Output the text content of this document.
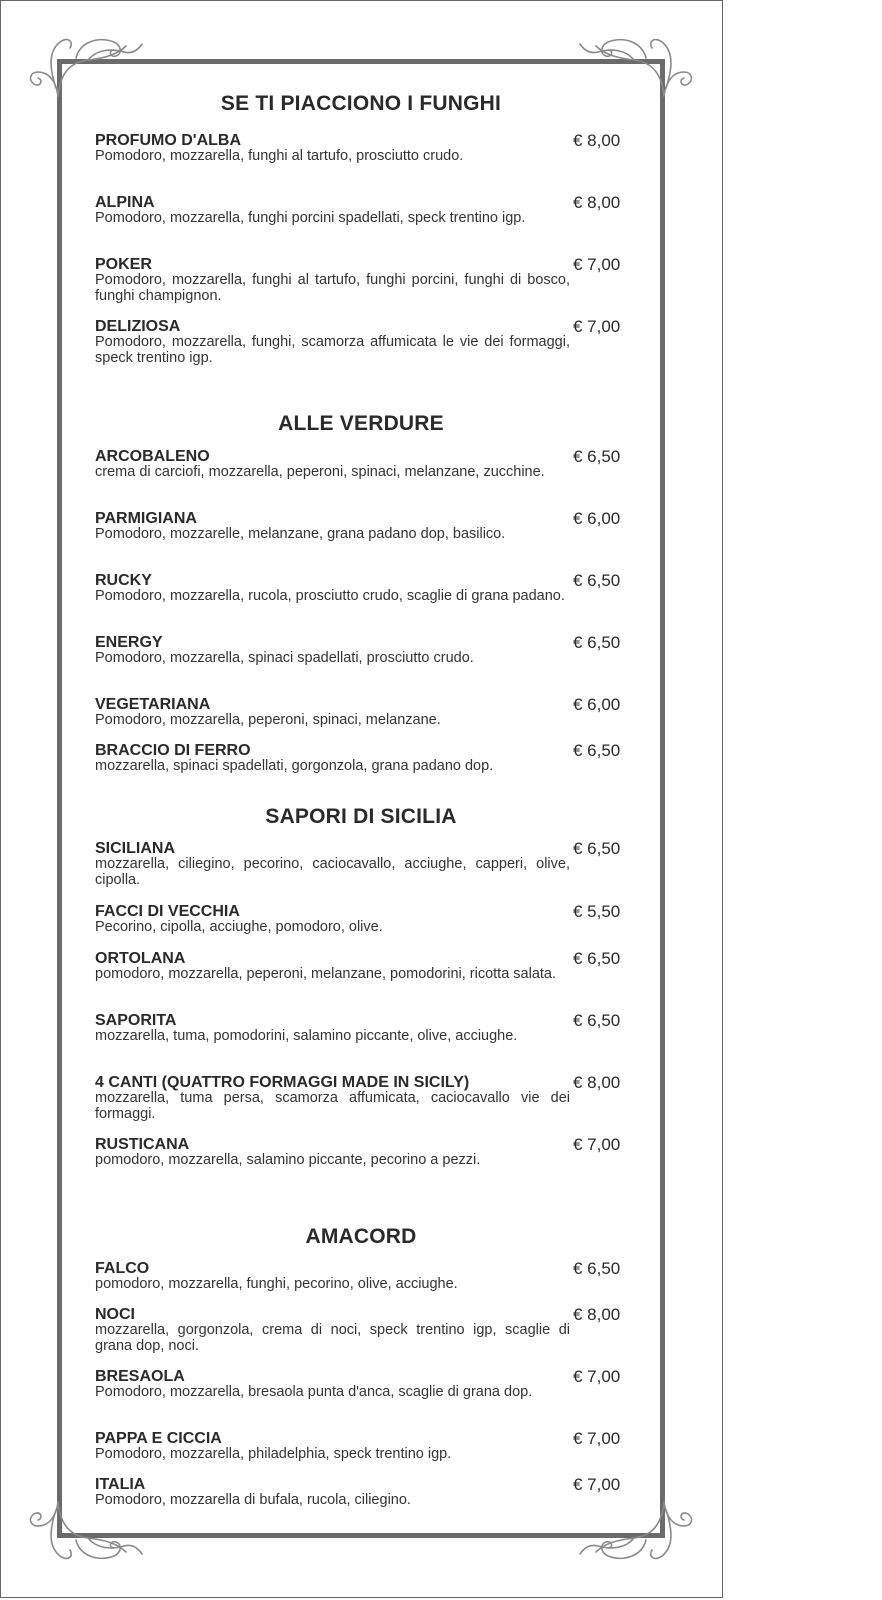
SE TI PIACCIONO I FUNGHI
PROFUMO D'ALBA
Pomodoro, mozzarella, funghi al tartufo, prosciutto crudo.
€ 8,00
ALPINA
Pomodoro, mozzarella, funghi porcini spadellati, speck trentino igp.
€ 8,00
POKER
Pomodoro, mozzarella, funghi al tartufo, funghi porcini, funghi di bosco, funghi champignon.
€ 7,00
DELIZIOSA
Pomodoro, mozzarella, funghi, scamorza affumicata le vie dei formaggi, speck trentino igp.
€ 7,00
ALLE VERDURE
ARCOBALENO
crema di carciofi, mozzarella, peperoni, spinaci, melanzane, zucchine.
€ 6,50
PARMIGIANA
Pomodoro, mozzarelle, melanzane, grana padano dop, basilico.
€ 6,00
RUCKY
Pomodoro, mozzarella, rucola, prosciutto crudo, scaglie di grana padano.
€ 6,50
ENERGY
Pomodoro, mozzarella, spinaci spadellati, prosciutto crudo.
€ 6,50
VEGETARIANA
Pomodoro, mozzarella, peperoni, spinaci, melanzane.
€ 6,00
BRACCIO DI FERRO
mozzarella, spinaci spadellati, gorgonzola, grana padano dop.
€ 6,50
SAPORI DI SICILIA
SICILIANA
mozzarella, ciliegino, pecorino, caciocavallo, acciughe, capperi, olive, cipolla.
€ 6,50
FACCI DI VECCHIA
Pecorino, cipolla, acciughe, pomodoro, olive.
€ 5,50
ORTOLANA
pomodoro, mozzarella, peperoni, melanzane, pomodorini, ricotta salata.
€ 6,50
SAPORITA
mozzarella, tuma, pomodorini, salamino piccante, olive, acciughe.
€ 6,50
4 CANTI (QUATTRO FORMAGGI MADE IN SICILY)
mozzarella, tuma persa, scamorza affumicata, caciocavallo vie dei formaggi.
€ 8,00
RUSTICANA
pomodoro, mozzarella, salamino piccante, pecorino a pezzi.
€ 7,00
AMACORD
FALCO
pomodoro, mozzarella, funghi, pecorino, olive, acciughe.
€ 6,50
NOCI
mozzarella, gorgonzola, crema di noci, speck trentino igp, scaglie di grana dop, noci.
€ 8,00
BRESAOLA
Pomodoro, mozzarella, bresaola punta d'anca, scaglie di grana dop.
€ 7,00
PAPPA E CICCIA
Pomodoro, mozzarella, philadelphia, speck trentino igp.
€ 7,00
ITALIA
Pomodoro, mozzarella di bufala, rucola, ciliegino.
€ 7,00
